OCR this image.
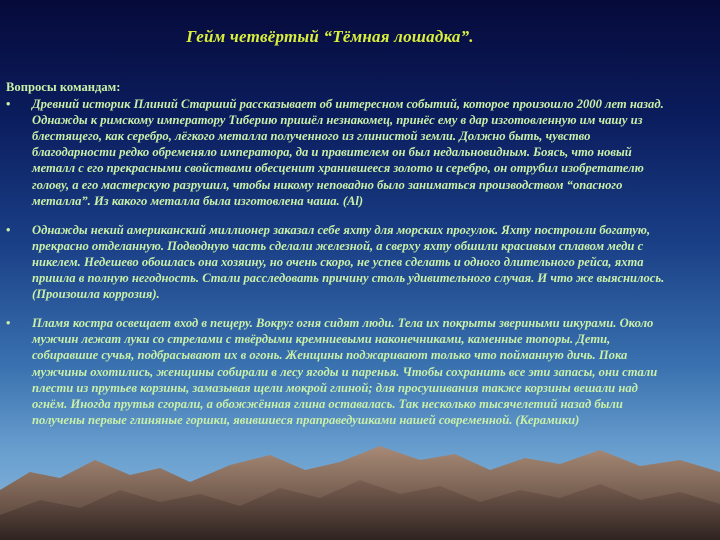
Гейм четвёртый “Тёмная лошадка”.
Вопросы командам:
• Древний историк Плиний Старший рассказывает об интересном событий, которое произошло 2000 лет назад. Однажды к римскому императору Тиберию пришёл незнакомец, принёс ему в дар изготовленную им чашу из блестящего, как серебро, лёгкого металла полученного из глинистой земли. Должно быть, чувство благодарности редко обременяло императора, да и правителем он был недальновидным. Боясь, что новый металл с его прекрасными свойствами обесценит хранившееся золото и серебро, он отрубил изобретателю голову, а его мастерскую разрушил, чтобы никому неповадно было заниматься производством “опасного металла”. Из какого металла была изготовлена чаша. (Al)
• Однажды некий американский миллионер заказал себе яхту для морских прогулок. Яхту построили богатую, прекрасно отделанную. Подводную часть сделали железной, а сверху яхту обшили красивым сплавом меди с никелем. Недешево обошлась она хозяину, но очень скоро, не успев сделать и одного длительного рейса, яхта пришла в полную негодность. Стали расследовать причину столь удивительного случая. И что же выяснилось. (Произошла коррозия).
• Пламя костра освещает вход в пещеру. Вокруг огня сидят люди. Тела их покрыты звериными шкурами. Около мужчин лежат луки со стрелами с твёрдыми кремниевыми наконечниками, каменные топоры. Дети, собиравшие сучья, подбрасывают их в огонь. Женщины поджаривают только что пойманную дичь. Пока мужчины охотились, женщины собирали в лесу ягоды и паренья. Чтобы сохранить все эти запасы, они стали плести из прутьев корзины, замазывая щели мокрой глиной; для просушивания также корзины вешали над огнём. Иногда прутья сгорали, а обожжённая глина оставалась. Так несколько тысячелетий назад были получены первые глиняные горшки, явившиеся праправедушками нашей современной. (Керамики)
